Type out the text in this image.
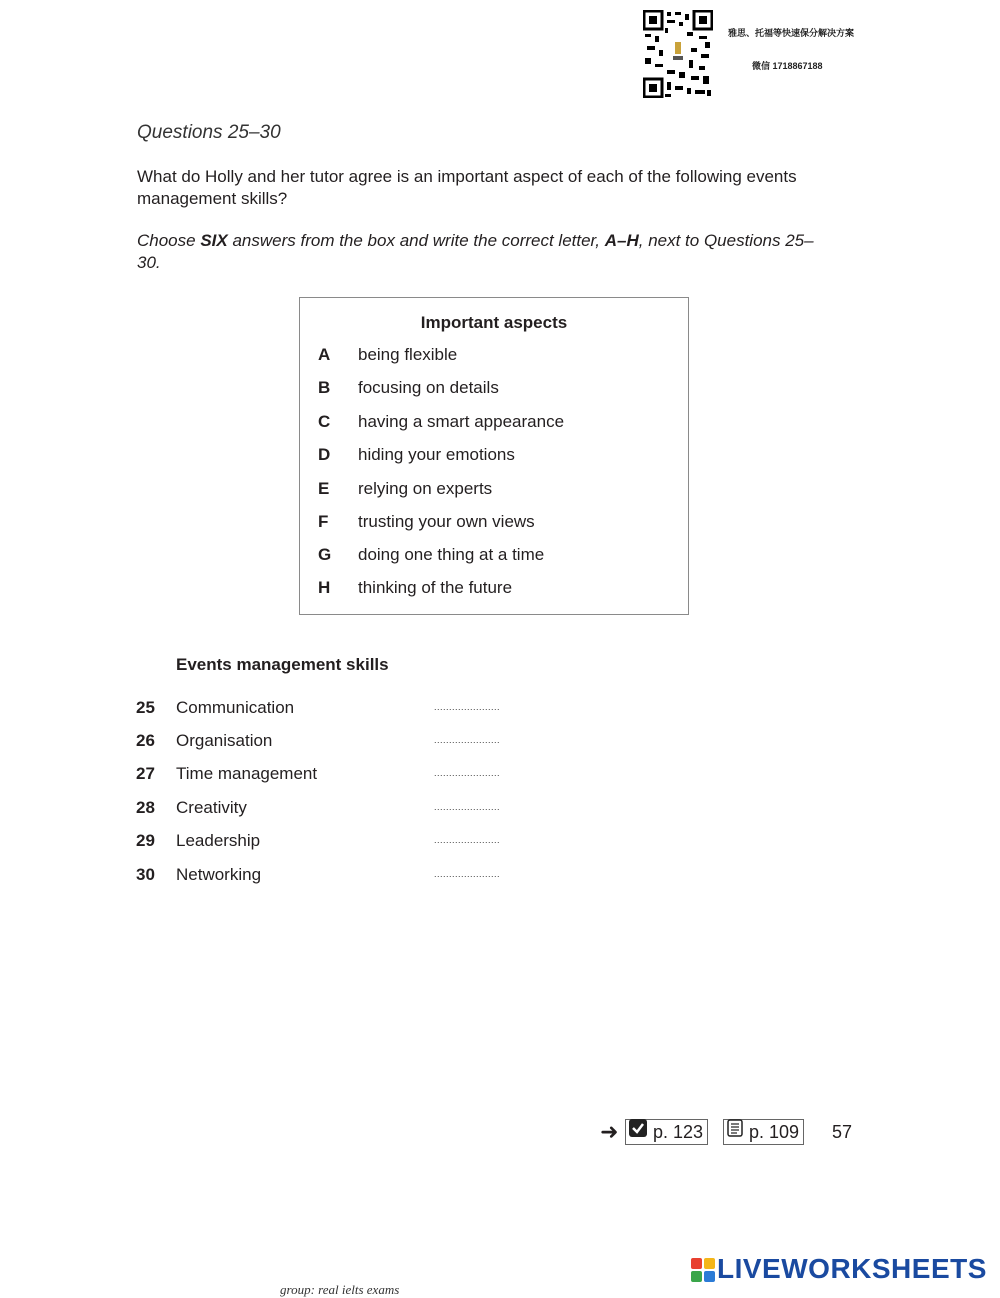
雅思、托福等快速保分解决方案
微信 1718867188
Questions 25–30
What do Holly and her tutor agree is an important aspect of each of the following events management skills?
Choose SIX answers from the box and write the correct letter, A–H, next to Questions 25–30.
Important aspects
A	being flexible
B	focusing on details
C	having a smart appearance
D	hiding your emotions
E	relying on experts
F	trusting your own views
G	doing one thing at a time
H	thinking of the future
Events management skills
25 Communication	......................
26 Organisation	......................
27 Time management	......................
28 Creativity	......................
29 Leadership	......................
30 Networking	......................
➜	p. 123	p. 109 57
LIVEWORKSHEETS
group: real ielts exams
